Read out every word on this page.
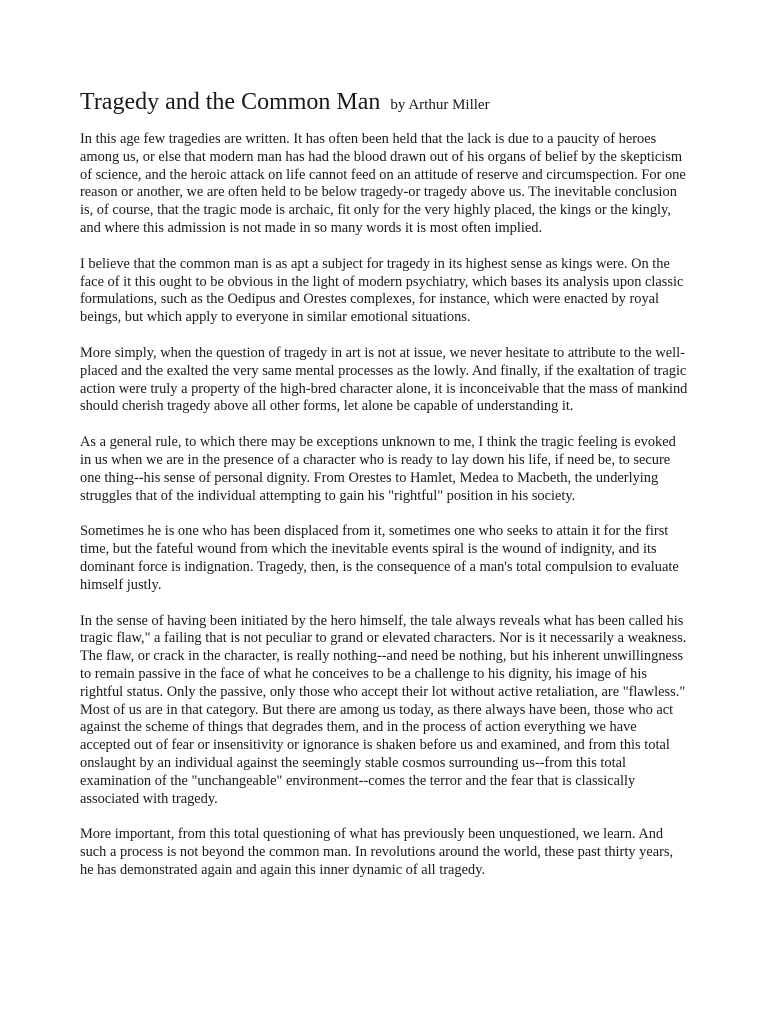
Tragedy and the Common Man by Arthur Miller

In this age few tragedies are written. It has often been held that the lack is due to a paucity of heroes among us, or else that modern man has had the blood drawn out of his organs of belief by the skepticism of science, and the heroic attack on life cannot feed on an attitude of reserve and circumspection. For one reason or another, we are often held to be below tragedy-or tragedy above us. The inevitable conclusion is, of course, that the tragic mode is archaic, fit only for the very highly placed, the kings or the kingly, and where this admission is not made in so many words it is most often implied.

I believe that the common man is as apt a subject for tragedy in its highest sense as kings were. On the face of it this ought to be obvious in the light of modern psychiatry, which bases its analysis upon classic formulations, such as the Oedipus and Orestes complexes, for instance, which were enacted by royal beings, but which apply to everyone in similar emotional situations.

More simply, when the question of tragedy in art is not at issue, we never hesitate to attribute to the well-placed and the exalted the very same mental processes as the lowly. And finally, if the exaltation of tragic action were truly a property of the high-bred character alone, it is inconceivable that the mass of mankind should cherish tragedy above all other forms, let alone be capable of understanding it.

As a general rule, to which there may be exceptions unknown to me, I think the tragic feeling is evoked in us when we are in the presence of a character who is ready to lay down his life, if need be, to secure one thing--his sense of personal dignity. From Orestes to Hamlet, Medea to Macbeth, the underlying struggles that of the individual attempting to gain his "rightful" position in his society.

Sometimes he is one who has been displaced from it, sometimes one who seeks to attain it for the first time, but the fateful wound from which the inevitable events spiral is the wound of indignity, and its dominant force is indignation. Tragedy, then, is the consequence of a man's total compulsion to evaluate himself justly.

In the sense of having been initiated by the hero himself, the tale always reveals what has been called his tragic flaw," a failing that is not peculiar to grand or elevated characters. Nor is it necessarily a weakness. The flaw, or crack in the character, is really nothing--and need be nothing, but his inherent unwillingness to remain passive in the face of what he conceives to be a challenge to his dignity, his image of his rightful status. Only the passive, only those who accept their lot without active retaliation, are "flawless." Most of us are in that category. But there are among us today, as there always have been, those who act against the scheme of things that degrades them, and in the process of action everything we have accepted out of fear or insensitivity or ignorance is shaken before us and examined, and from this total onslaught by an individual against the seemingly stable cosmos surrounding us--from this total examination of the "unchangeable" environment--comes the terror and the fear that is classically associated with tragedy.

More important, from this total questioning of what has previously been unquestioned, we learn. And such a process is not beyond the common man. In revolutions around the world, these past thirty years, he has demonstrated again and again this inner dynamic of all tragedy.
